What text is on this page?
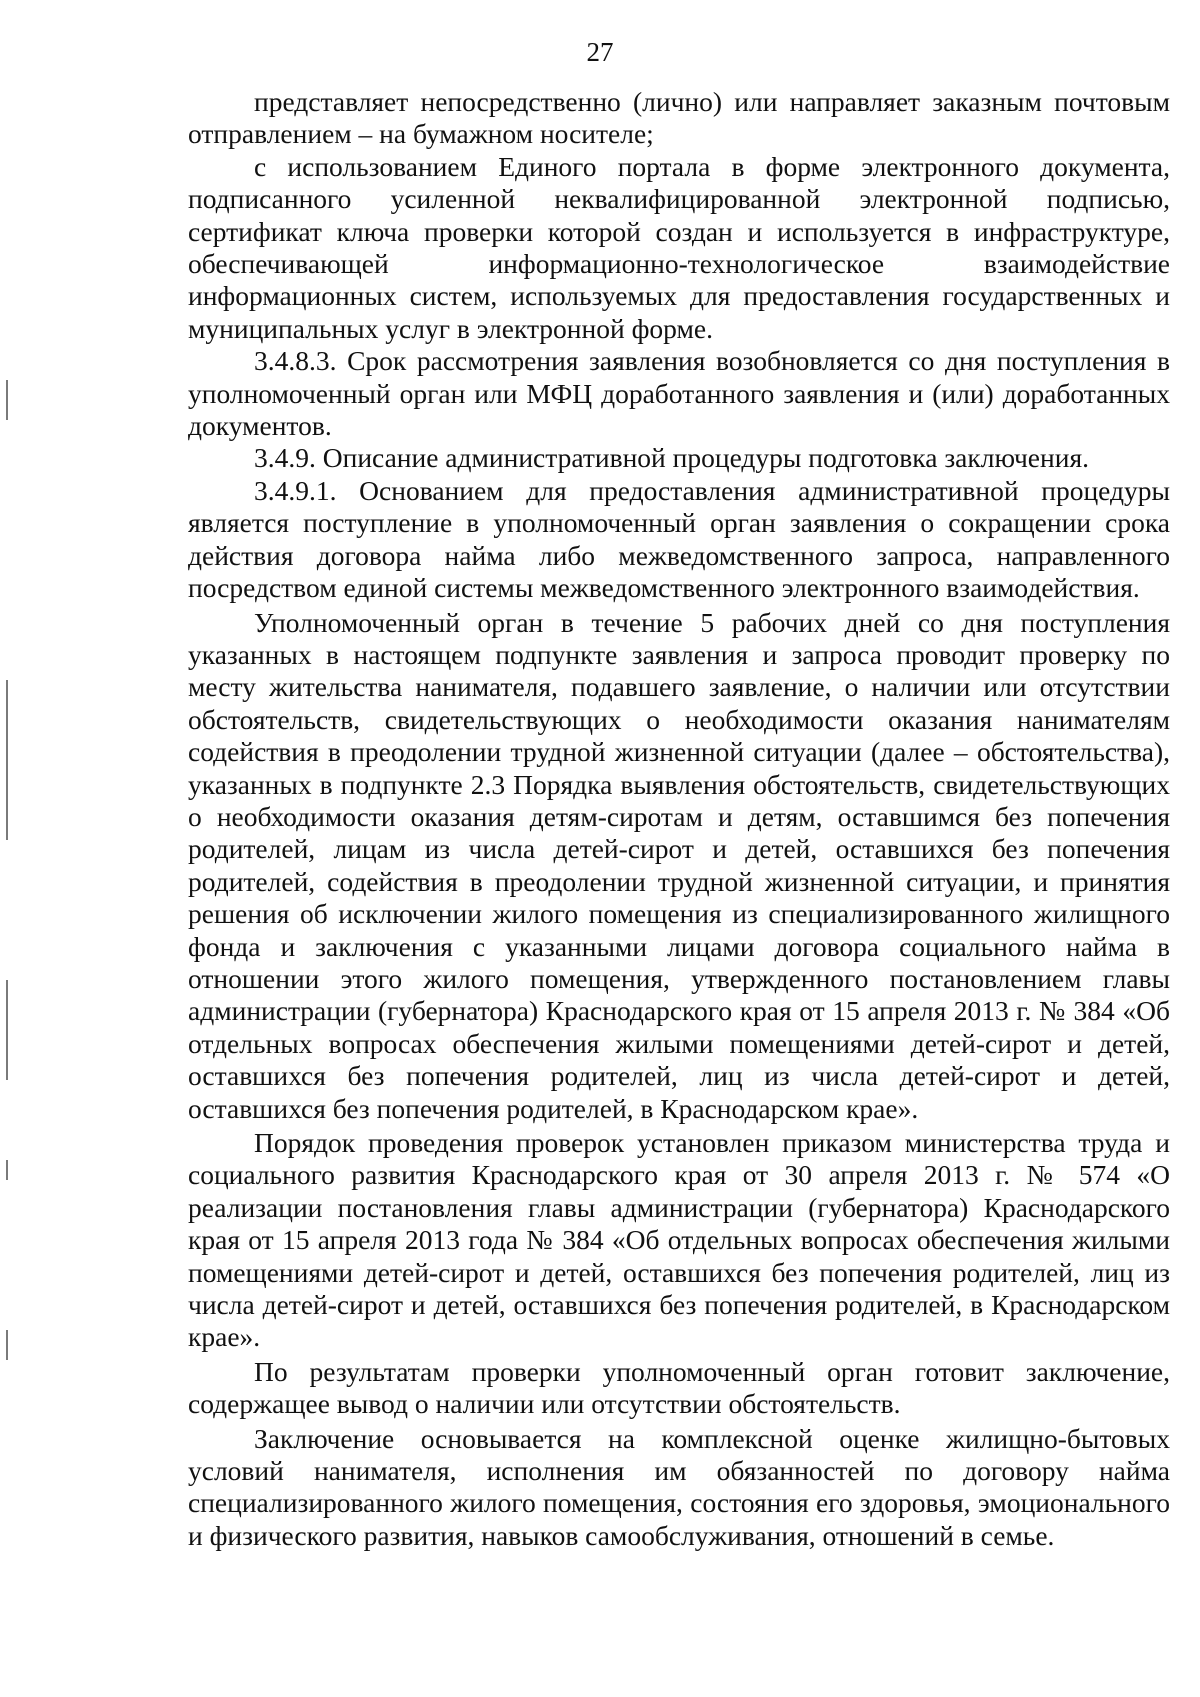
27

представляет непосредственно (лично) или направляет заказным почтовым отправлением – на бумажном носителе;

с использованием Единого портала в форме электронного документа, подписанного усиленной неквалифицированной электронной подписью, сертификат ключа проверки которой создан и используется в инфраструктуре, обеспечивающей информационно-технологическое взаимодействие информационных систем, используемых для предоставления государственных и муниципальных услуг в электронной форме.

3.4.8.3. Срок рассмотрения заявления возобновляется со дня поступления в уполномоченный орган или МФЦ доработанного заявления и (или) доработанных документов.

3.4.9. Описание административной процедуры подготовка заключения.

3.4.9.1. Основанием для предоставления административной процедуры является поступление в уполномоченный орган заявления о сокращении срока действия договора найма либо межведомственного запроса, направленного посредством единой системы межведомственного электронного взаимодействия.

Уполномоченный орган в течение 5 рабочих дней со дня поступления указанных в настоящем подпункте заявления и запроса проводит проверку по месту жительства нанимателя, подавшего заявление, о наличии или отсутствии обстоятельств, свидетельствующих о необходимости оказания нанимателям содействия в преодолении трудной жизненной ситуации (далее – обстоятельства), указанных в подпункте 2.3 Порядка выявления обстоятельств, свидетельствующих о необходимости оказания детям-сиротам и детям, оставшимся без попечения родителей, лицам из числа детей-сирот и детей, оставшихся без попечения родителей, содействия в преодолении трудной жизненной ситуации, и принятия решения об исключении жилого помещения из специализированного жилищного фонда и заключения с указанными лицами договора социального найма в отношении этого жилого помещения, утвержденного постановлением главы администрации (губернатора) Краснодарского края от 15 апреля 2013 г. № 384 «Об отдельных вопросах обеспечения жилыми помещениями детей-сирот и детей, оставшихся без попечения родителей, лиц из числа детей-сирот и детей, оставшихся без попечения родителей, в Краснодарском крае».

Порядок проведения проверок установлен приказом министерства труда и социального развития Краснодарского края от 30 апреля 2013 г. № 574 «О реализации постановления главы администрации (губернатора) Краснодарского края от 15 апреля 2013 года № 384 «Об отдельных вопросах обеспечения жилыми помещениями детей-сирот и детей, оставшихся без попечения родителей, лиц из числа детей-сирот и детей, оставшихся без попечения родителей, в Краснодарском крае».

По результатам проверки уполномоченный орган готовит заключение, содержащее вывод о наличии или отсутствии обстоятельств.

Заключение основывается на комплексной оценке жилищно-бытовых условий нанимателя, исполнения им обязанностей по договору найма специализированного жилого помещения, состояния его здоровья, эмоционального и физического развития, навыков самообслуживания, отношений в семье.
